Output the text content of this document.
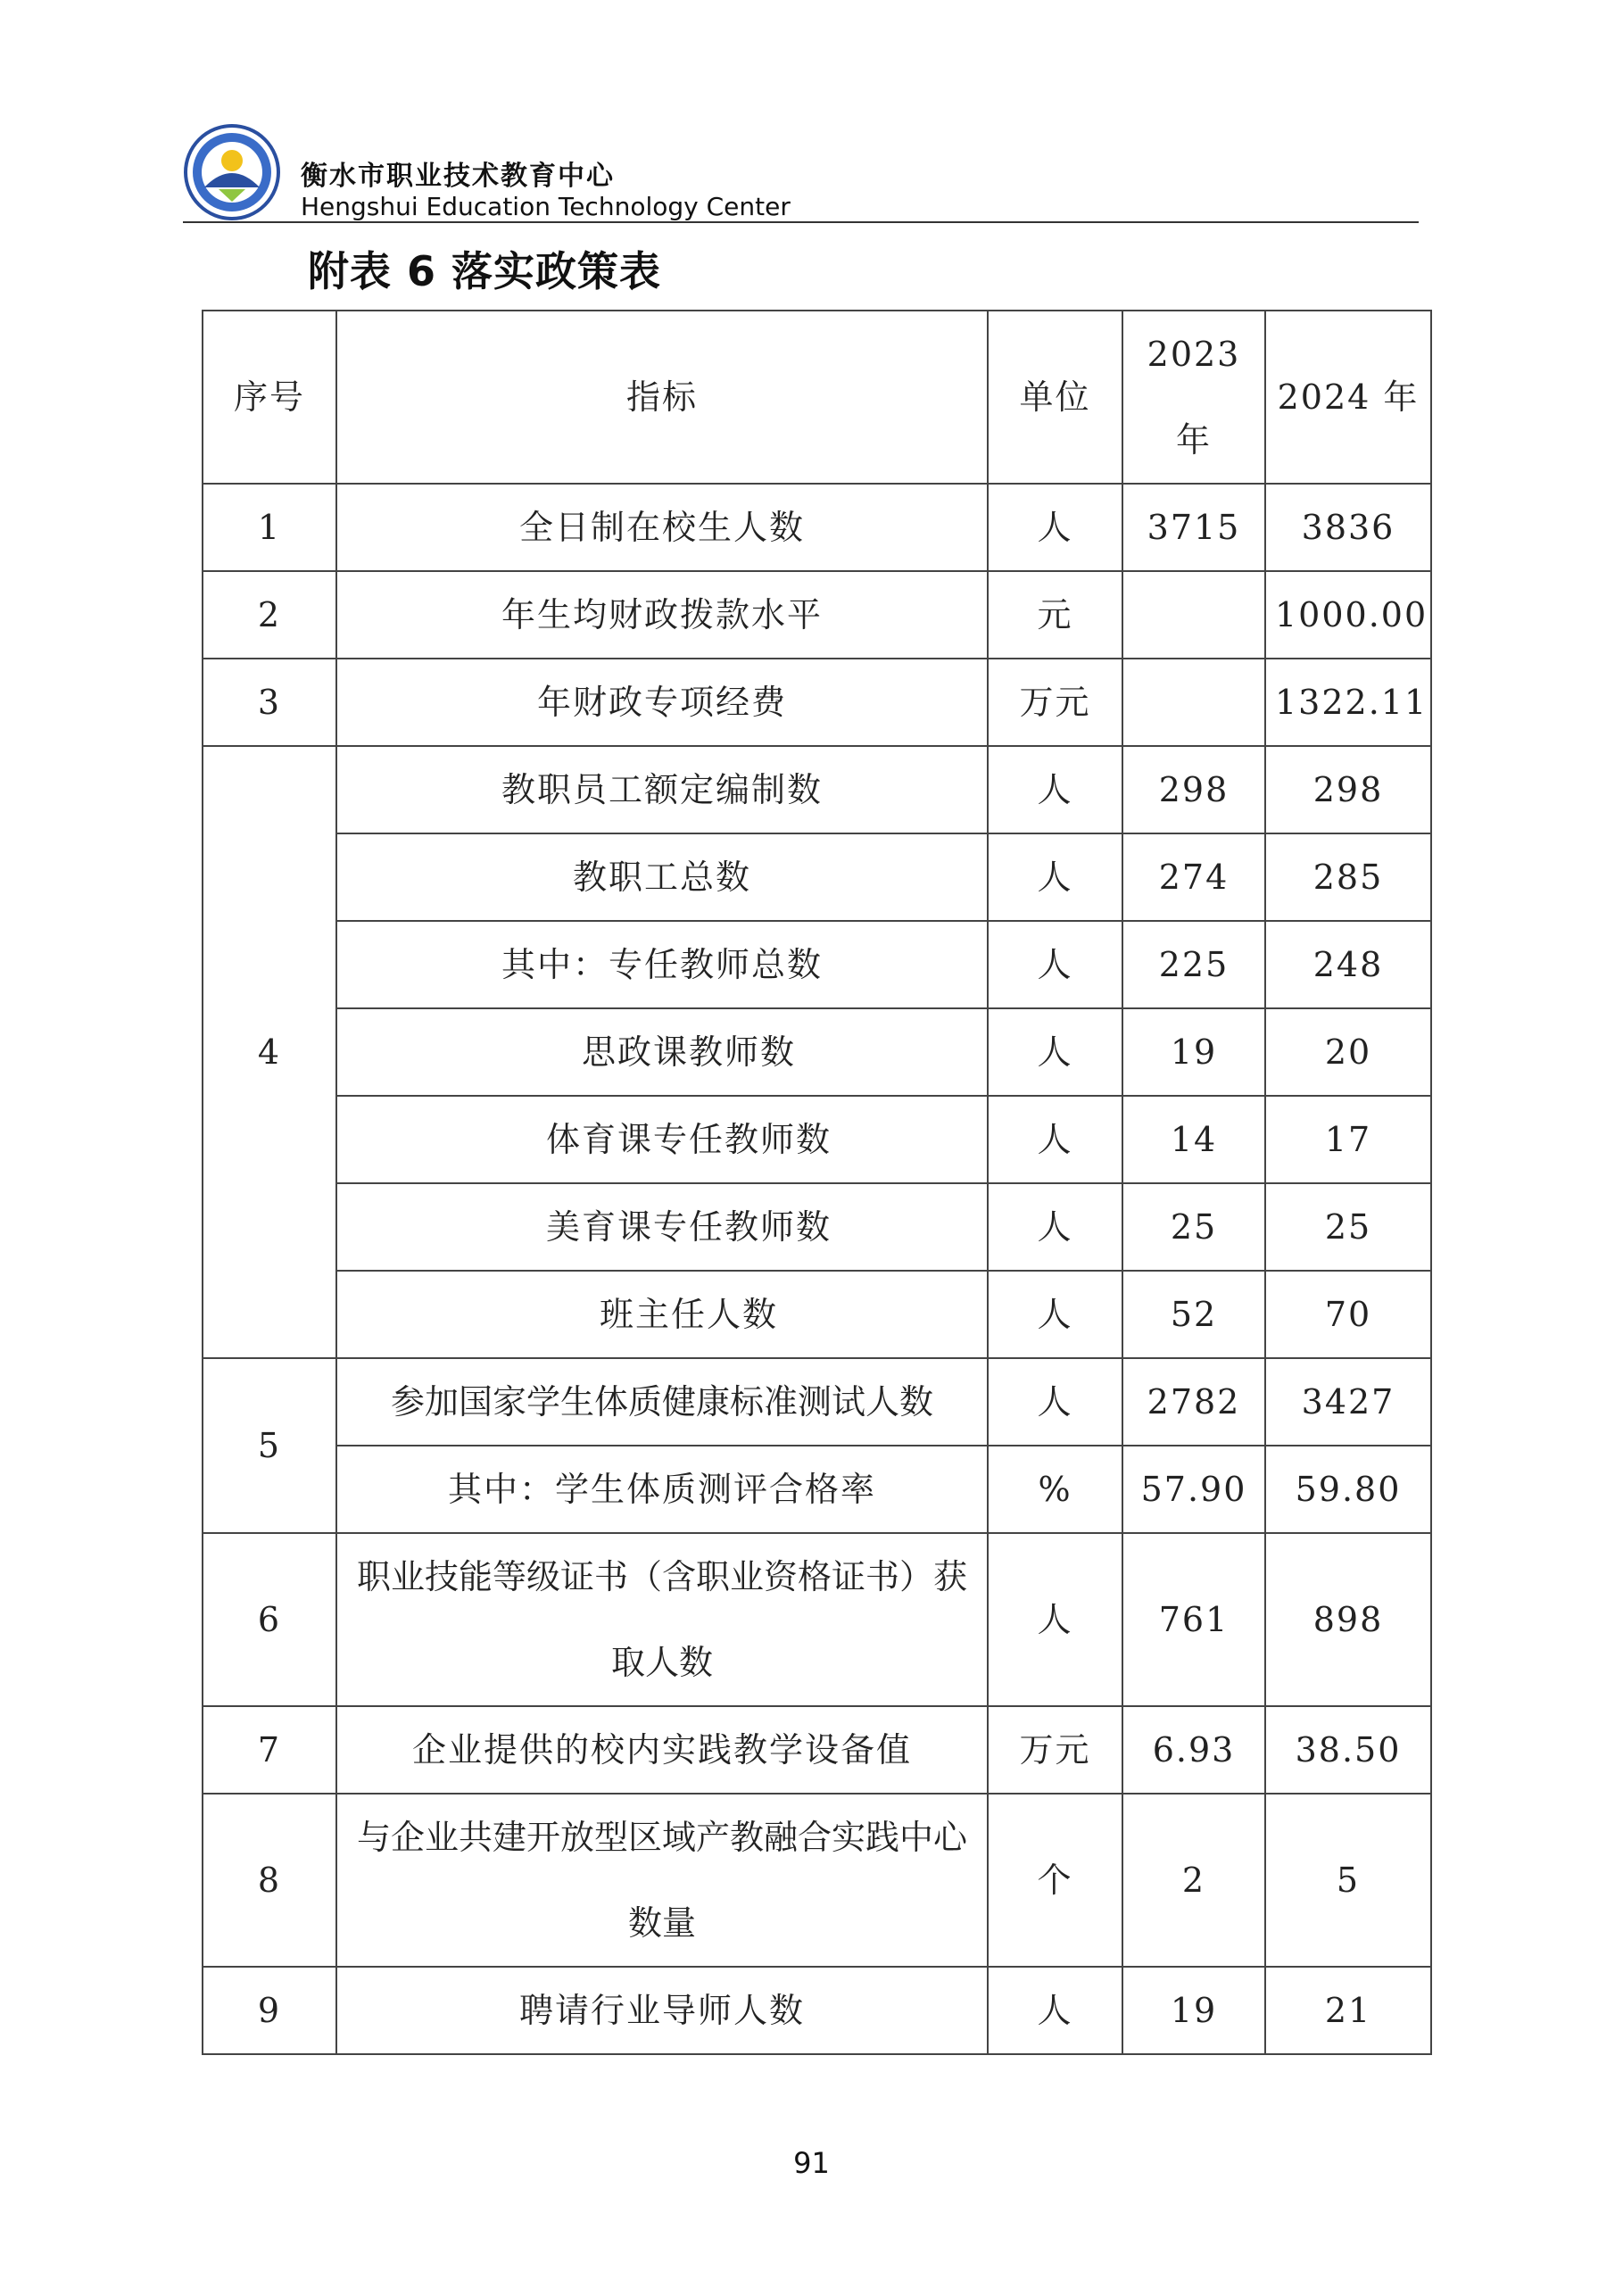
衡水市职业技术教育中心
Hengshui Education Technology Center
附表 6 落实政策表
序号	指标	单位	2023 年	2024 年
1	全日制在校生人数	人	3715	3836
2	年生均财政拨款水平	元		1000.00
3	年财政专项经费	万元		1322.11
4	教职员工额定编制数	人	298	298
	教职工总数	人	274	285
	其中：专任教师总数	人	225	248
	思政课教师数	人	19	20
	体育课专任教师数	人	14	17
	美育课专任教师数	人	25	25
	班主任人数	人	52	70
5	参加国家学生体质健康标准测试人数	人	2782	3427
	其中：学生体质测评合格率	%	57.90	59.80
6	职业技能等级证书（含职业资格证书）获取人数	人	761	898
7	企业提供的校内实践教学设备值	万元	6.93	38.50
8	与企业共建开放型区域产教融合实践中心数量	个	2	5
9	聘请行业导师人数	人	19	21
91
